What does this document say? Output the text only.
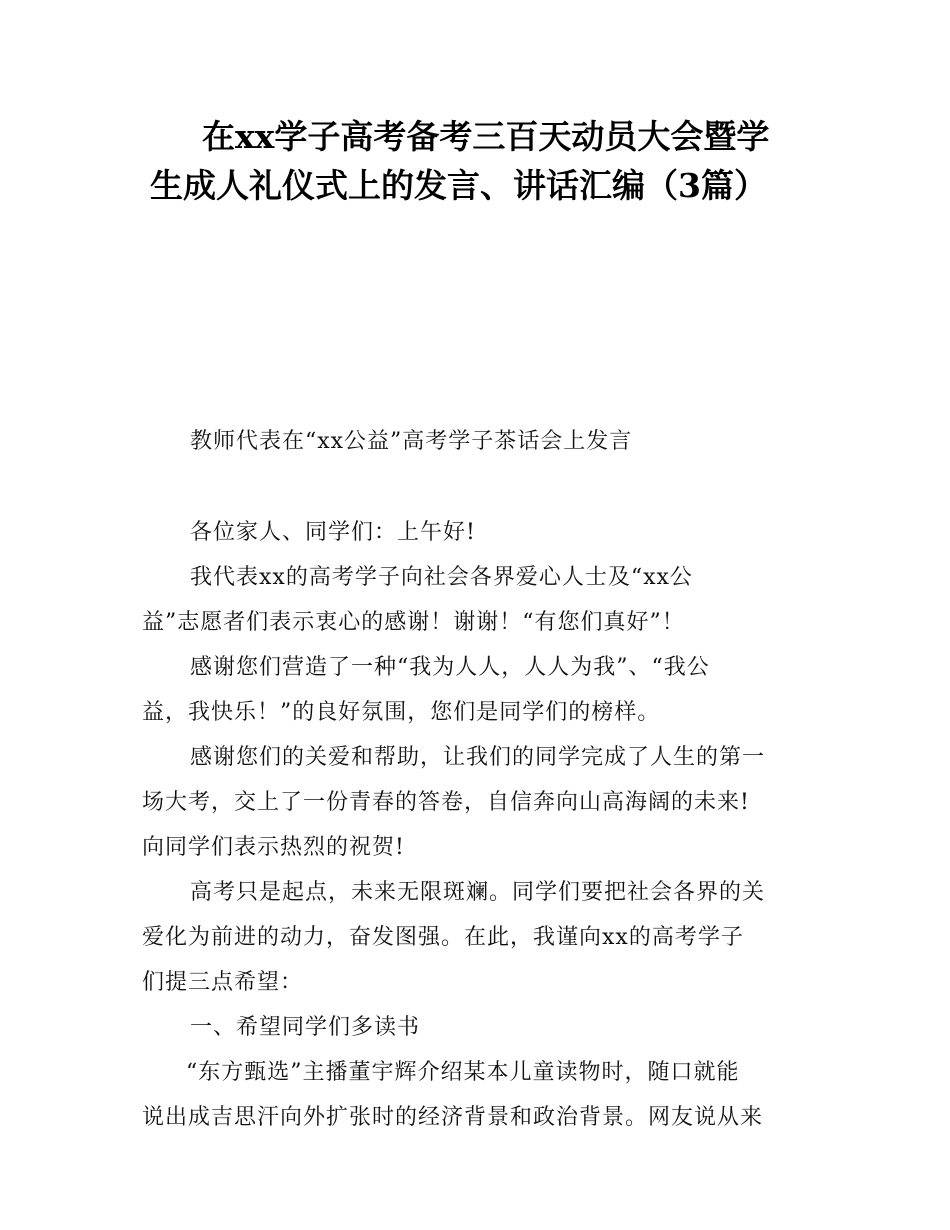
在xx学子高考备考三百天动员大会暨学
生成人礼仪式上的发言、讲话汇编（3篇）

教师代表在“xx公益”高考学子茶话会上发言

各位家人、同学们：上午好!
我代表xx的高考学子向社会各界爱心人士及“xx公
益”志愿者们表示衷心的感谢！谢谢！“有您们真好”！
感谢您们营造了一种“我为人人，人人为我”、“我公
益，我快乐！”的良好氛围，您们是同学们的榜样。
感谢您们的关爱和帮助，让我们的同学完成了人生的第一
场大考，交上了一份青春的答卷，自信奔向山高海阔的未来!
向同学们表示热烈的祝贺!
高考只是起点，未来无限斑斓。同学们要把社会各界的关
爱化为前进的动力，奋发图强。在此，我谨向xx的高考学子
们提三点希望：
一、希望同学们多读书
“东方甄选”主播董宇辉介绍某本儿童读物时，随口就能
说出成吉思汗向外扩张时的经济背景和政治背景。网友说从来
